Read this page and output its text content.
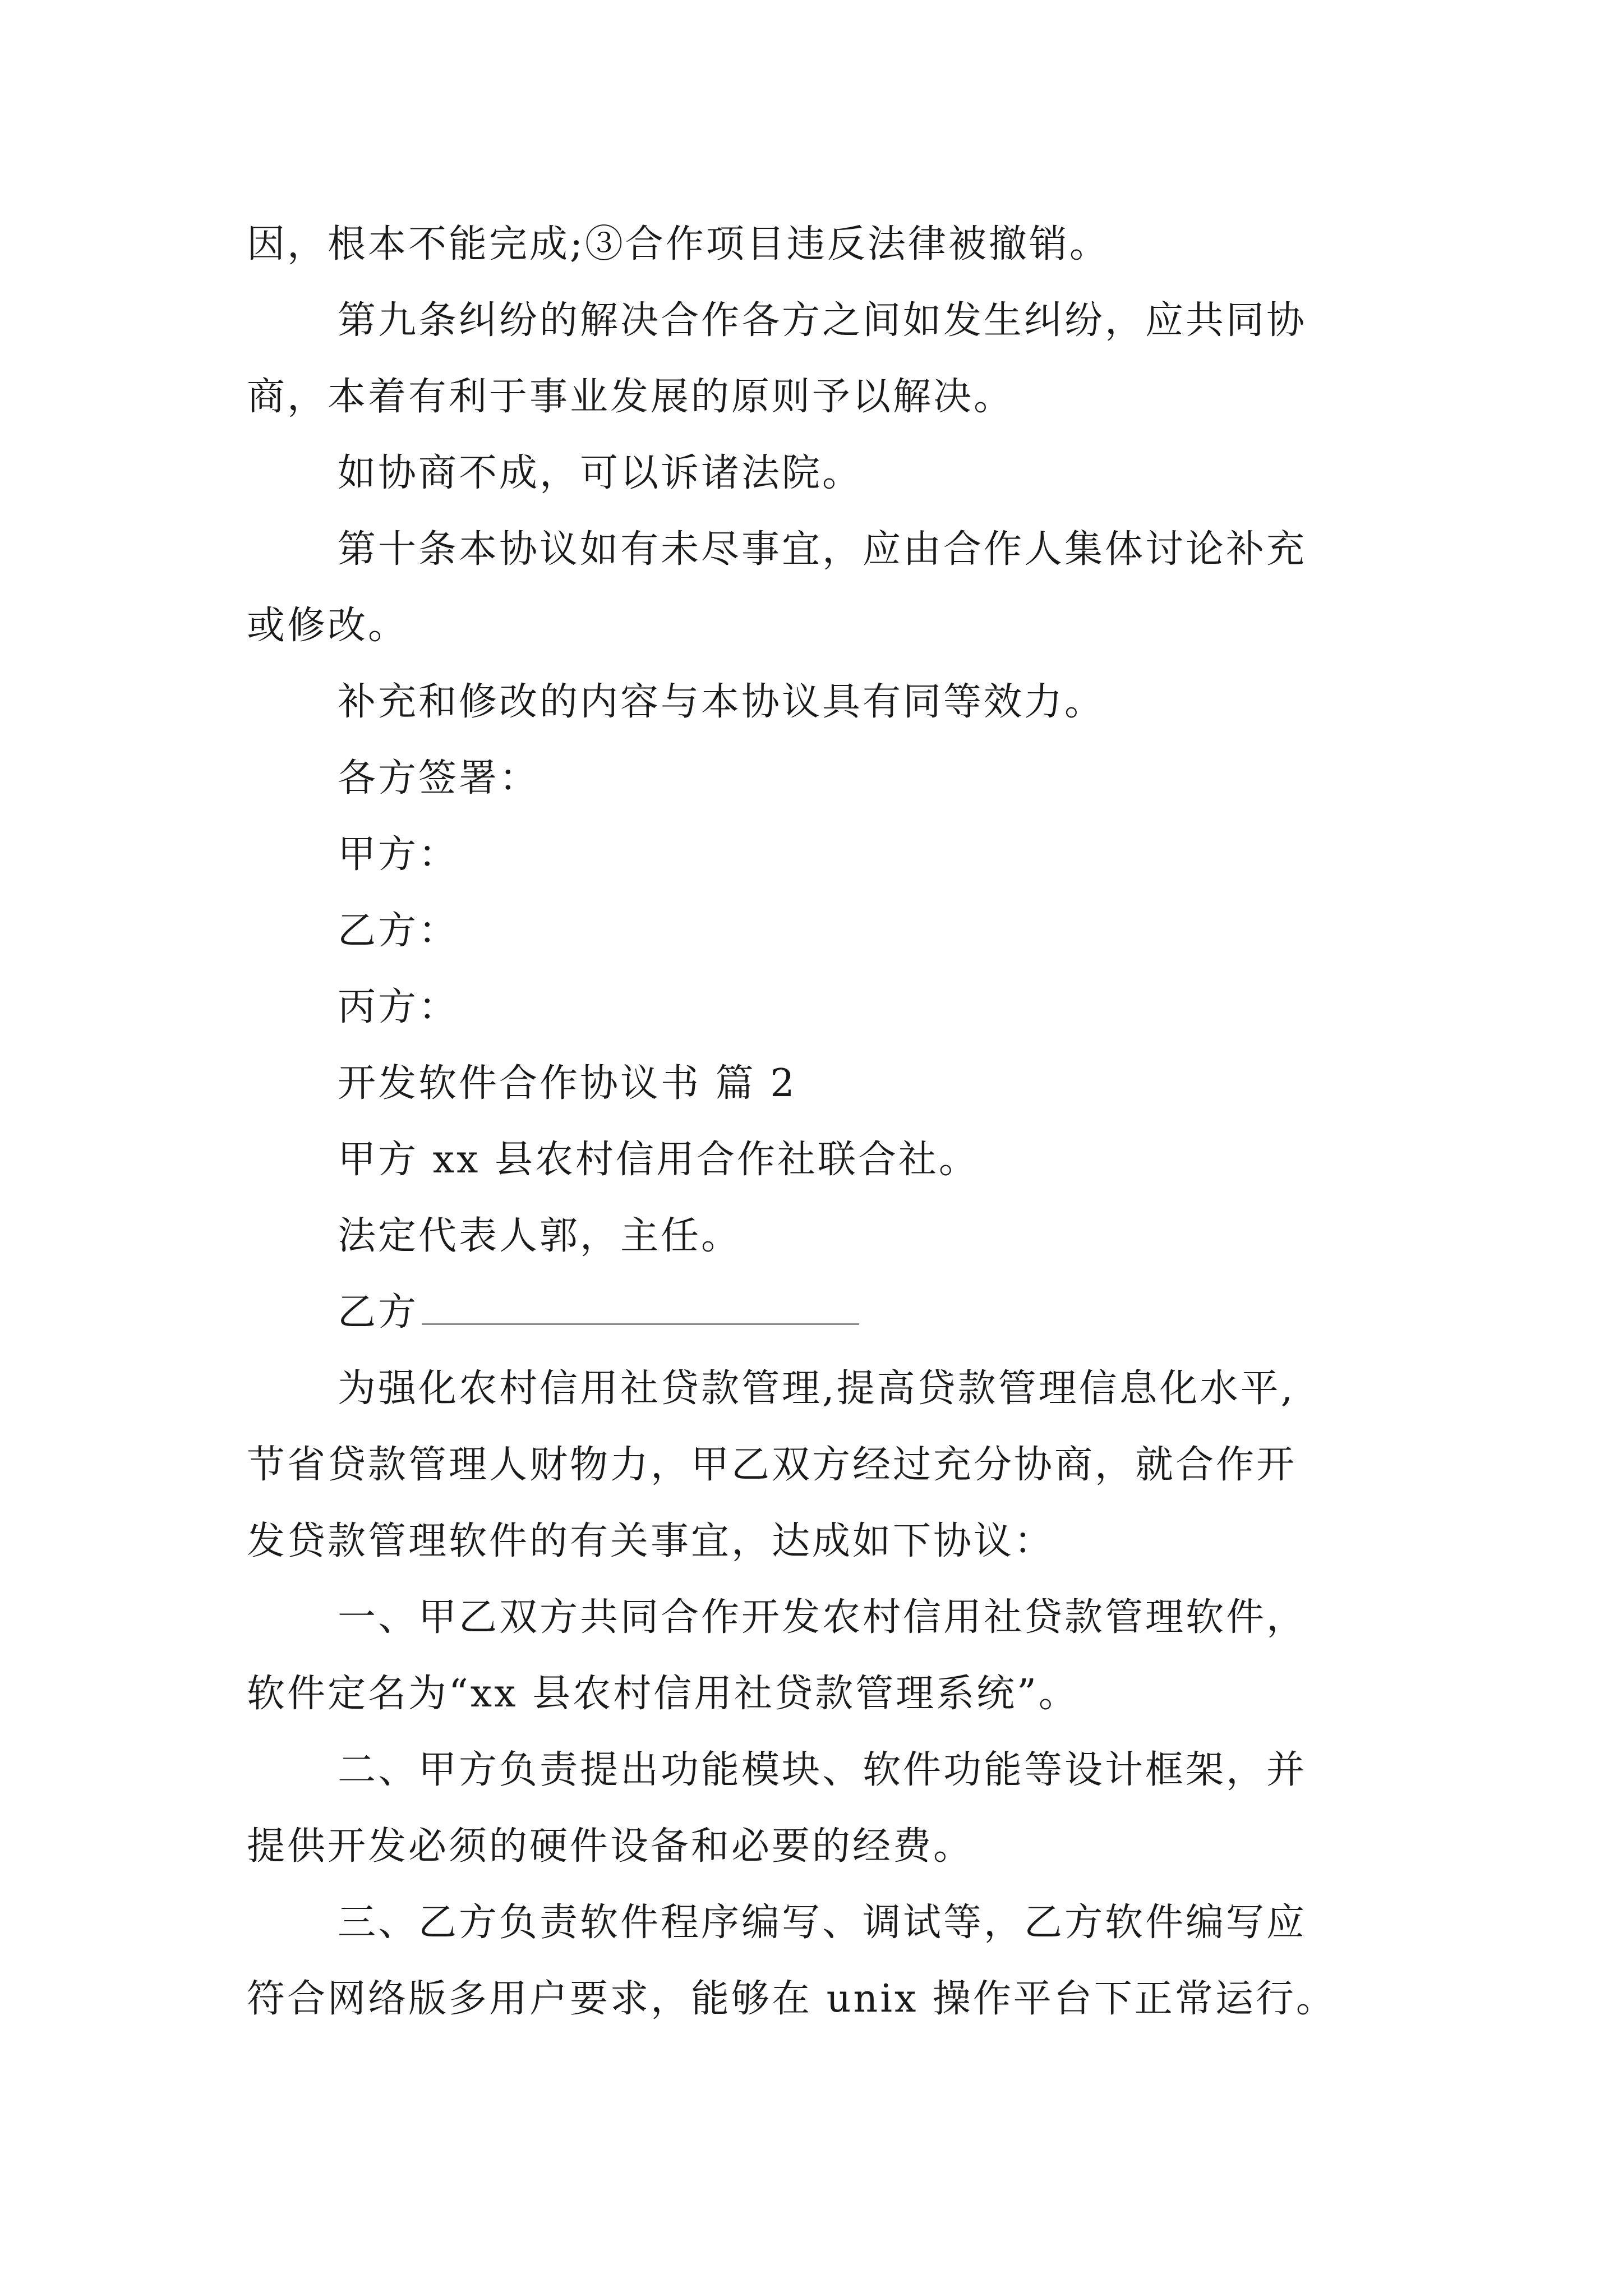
因，根本不能完成;③合作项目违反法律被撤销。
第九条纠纷的解决合作各方之间如发生纠纷，应共同协
商，本着有利于事业发展的原则予以解决。
如协商不成，可以诉诸法院。
第十条本协议如有未尽事宜，应由合作人集体讨论补充
或修改。
补充和修改的内容与本协议具有同等效力。
各方签署：
甲方：
乙方：
丙方：
开发软件合作协议书 篇 2
甲方 xx 县农村信用合作社联合社。
法定代表人郭，主任。
乙方
为强化农村信用社贷款管理,提高贷款管理信息化水平,
节省贷款管理人财物力，甲乙双方经过充分协商，就合作开
发贷款管理软件的有关事宜，达成如下协议：
一、甲乙双方共同合作开发农村信用社贷款管理软件，
软件定名为“xx 县农村信用社贷款管理系统”。
二、甲方负责提出功能模块、软件功能等设计框架，并
提供开发必须的硬件设备和必要的经费。
三、乙方负责软件程序编写、调试等，乙方软件编写应
符合网络版多用户要求，能够在 unix 操作平台下正常运行。
